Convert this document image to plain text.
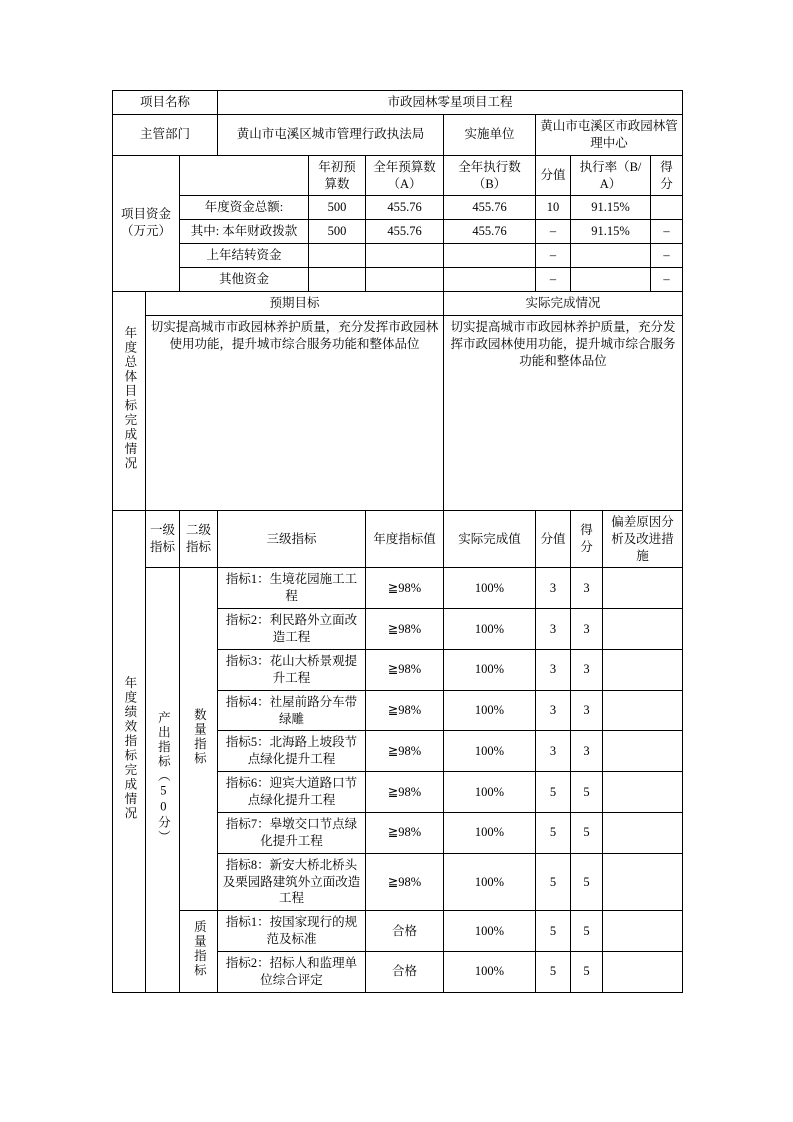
项目名称			市政园林零星项目工程							
主管部门			黄山市屯溪区城市管理行政执法局			实施单位	黄山市屯溪区市政园林管理中心			
项目资金（万元）				年初预算数	全年预算数（A）	全年执行数（B）	分值	执行率（B/A）		得分
		年度资金总额:		500	455.76	455.76	10	91.15%		
		其中: 本年财政拨款		500	455.76	455.76	–	91.15%		–
		上年结转资金					–			–
		其他资金					–			–
年度总体目标完成情况	预期目标					实际完成情况				
	切实提高城市市政园林养护质量，充分发挥市政园林使用功能，提升城市综合服务功能和整体品位					切实提高城市市政园林养护质量，充分发挥市政园林使用功能，提升城市综合服务功能和整体品位				
年度绩效指标完成情况	一级指标	二级指标	三级指标		年度指标值	实际完成值	分值	得分	偏差原因分析及改进措施	
	产出指标（50分）	数量指标	指标1：生境花园施工工程		≧98%	100%	3	3		
			指标2：利民路外立面改造工程		≧98%	100%	3	3		
			指标3：花山大桥景观提升工程		≧98%	100%	3	3		
			指标4：社屋前路分车带绿雕		≧98%	100%	3	3		
			指标5：北海路上坡段节点绿化提升工程		≧98%	100%	3	3		
			指标6：迎宾大道路口节点绿化提升工程		≧98%	100%	5	5		
			指标7：皋墩交口节点绿化提升工程		≧98%	100%	5	5		
			指标8：新安大桥北桥头及栗园路建筑外立面改造工程		≧98%	100%	5	5		
		质量指标	指标1：按国家现行的规范及标准		合格	100%	5	5		
			指标2：招标人和监理单位综合评定		合格	100%	5	5		
